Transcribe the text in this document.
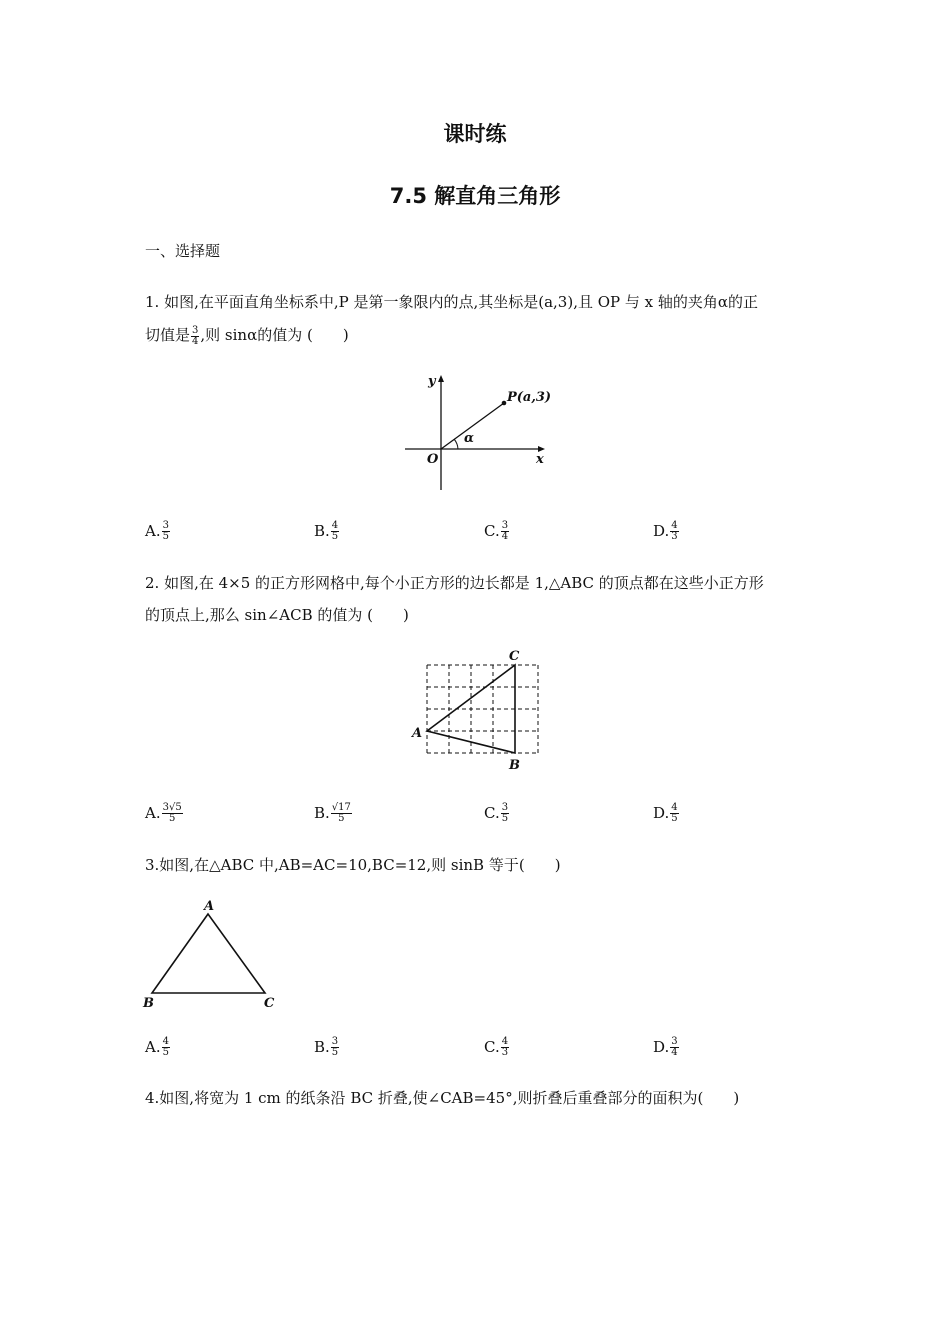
课时练
7.5 解直角三角形
一、选择题
1. 如图,在平面直角坐标系中,P 是第一象限内的点,其坐标是(a,3),且 OP 与 x 轴的夹角α的正
切值是 $\frac{3}{4}$ ,则 sinα的值为 ( )
y
x
O
P(a,3)
α
A. $\frac{3}{5}$	B. $\frac{4}{5}$	C. $\frac{3}{4}$	D. $\frac{4}{3}$
2. 如图,在 4×5 的正方形网格中,每个小正方形的边长都是 1,△ABC 的顶点都在这些小正方形
的顶点上,那么 sin∠ACB 的值为 ( )
A
B
C
A. $\frac{3√5}{5}$	B. $\frac{√17}{5}$	C. $\frac{3}{5}$	D. $\frac{4}{5}$
3.如图,在△ABC 中,AB=AC=10,BC=12,则 sinB 等于( )
A
B	C
A. $\frac{4}{5}$	B. $\frac{3}{5}$	C. $\frac{4}{3}$	D. $\frac{3}{4}$
4.如图,将宽为 1 cm 的纸条沿 BC 折叠,使∠CAB=45°,则折叠后重叠部分的面积为( )
